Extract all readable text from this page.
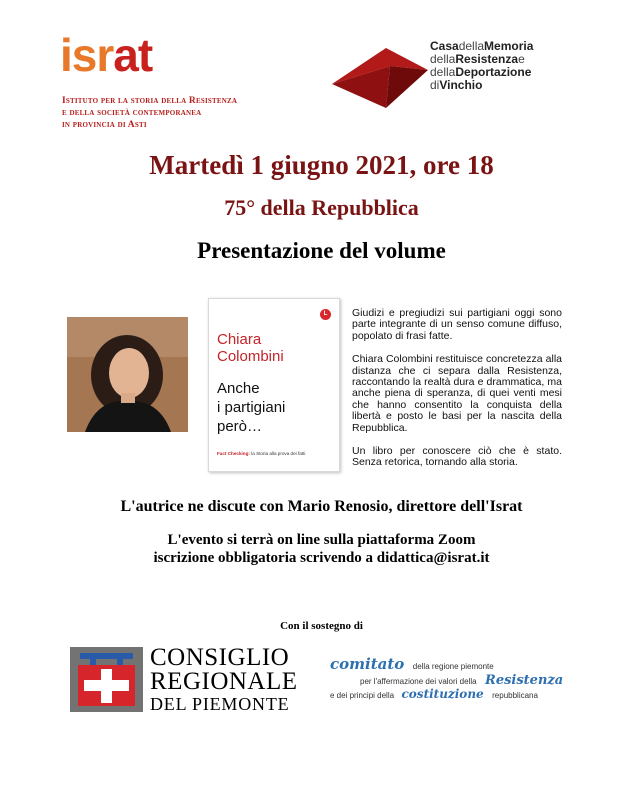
israt
Istituto per la storia della Resistenza
e della società contemporanea
in provincia di Asti
CasadellaMemoria
dellaResistenzae
dellaDeportazione
diVinchio
Martedì 1 giugno 2021, ore 18
75° della Repubblica
Presentazione del volume
L
Chiara
Colombini
Anche
i partigiani
però…
Fact Checking: la Storia alla prova dei fatti

Giudizi e pregiudizi sui partigiani oggi sono parte integrante di un senso comune diffuso, popolato di frasi fatte.

Chiara Colombini restituisce concretezza alla distanza che ci separa dalla Resistenza, raccontando la realtà dura e drammatica, ma anche piena di speranza, di quei venti mesi che hanno consentito la conquista della libertà e posto le basi per la nascita della Repubblica.

Un libro per conoscere ciò che è stato. Senza retorica, tornando alla storia.

L'autrice ne discute con Mario Renosio, direttore dell'Israt
L'evento si terrà on line sulla piattaforma Zoom
iscrizione obbligatoria scrivendo a didattica@israt.it
Con il sostegno di
CONSIGLIO
REGIONALE
DEL PIEMONTE
comitato della regione piemonte
per l'affermazione dei valori della Resistenza
e dei principi della costituzione repubblicana
